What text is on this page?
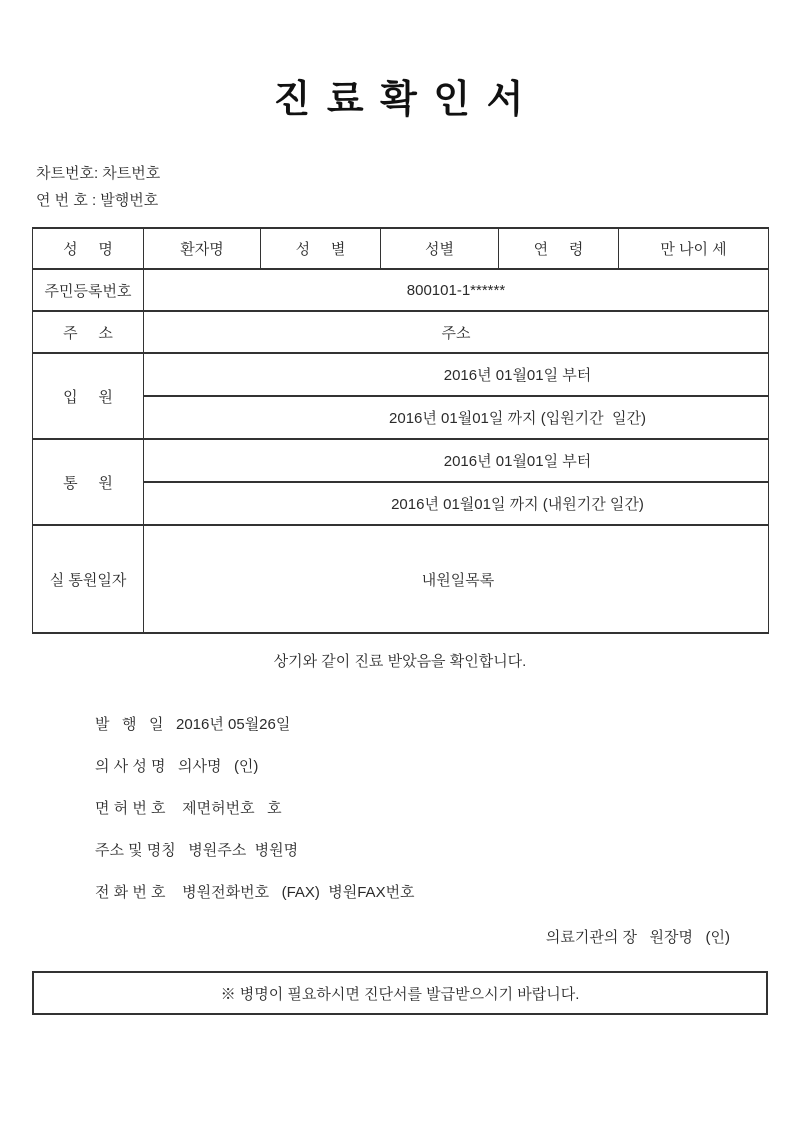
진 료 확 인 서
차트번호: 차트번호
연 번 호 : 발행번호
성     명	환자명	성     별	성별	연     령	만 나이 세
주민등록번호	800101-1******				
주     소	주소				
입     원	2016년 01월01일 부터				
	2016년 01월01일 까지 (입원기간  일간)				
통     원	2016년 01월01일 부터				
	2016년 01월01일 까지 (내원기간 일간)				
실 통원일자	내원일목록				
상기와 같이 진료 받았음을 확인합니다.
발   행   일   2016년 05월26일
의 사 성 명   의사명   (인)
면 허 번 호    제면허번호   호
주소 및 명칭   병원주소  병원명
전 화 번 호    병원전화번호   (FAX)  병원FAX번호
의료기관의 장   원장명   (인)
※ 병명이 필요하시면 진단서를 발급받으시기 바랍니다.
